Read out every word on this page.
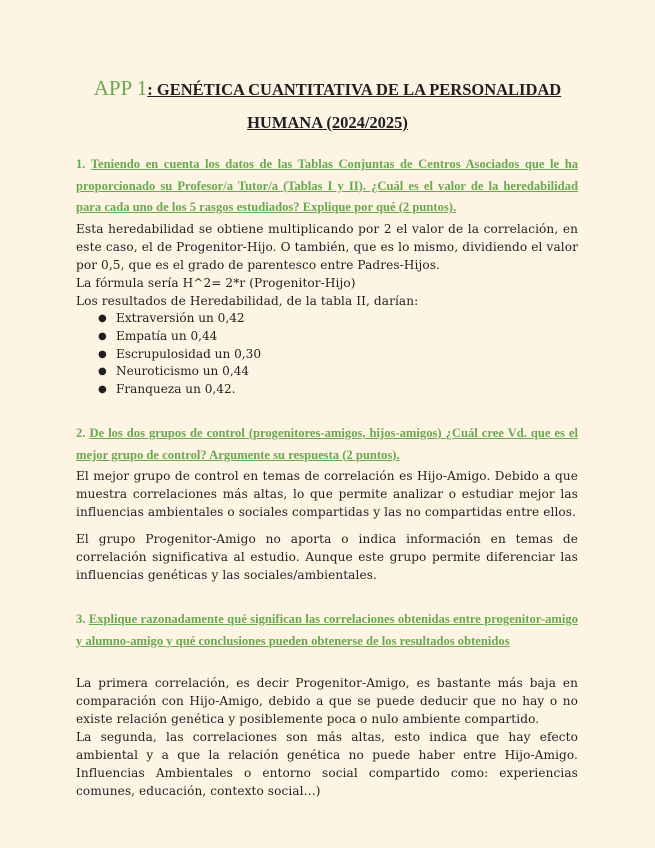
APP 1: GENÉTICA CUANTITATIVA DE LA PERSONALIDAD
HUMANA (2024/2025)
1. Teniendo en cuenta los datos de las Tablas Conjuntas de Centros Asociados que le ha proporcionado su Profesor/a Tutor/a (Tablas I y II). ¿Cuál es el valor de la heredabilidad para cada uno de los 5 rasgos estudiados? Explique por qué (2 puntos).

Esta heredabilidad se obtiene multiplicando por 2 el valor de la correlación, en este caso, el de Progenitor-Hijo. O también, que es lo mismo, dividiendo el valor por 0,5, que es el grado de parentesco entre Padres-Hijos.

La fórmula sería H^2= 2*r (Progenitor-Hijo)

Los resultados de Heredabilidad, de la tabla II, darían:

● Extraversión un 0,42
● Empatía un 0,44
● Escrupulosidad un 0,30
● Neuroticismo un 0,44
● Franqueza un 0,42.
2. De los dos grupos de control (progenitores-amigos, hijos-amigos) ¿Cuál cree Vd. que es el mejor grupo de control? Argumente su respuesta (2 puntos).

El mejor grupo de control en temas de correlación es Hijo-Amigo. Debido a que muestra correlaciones más altas, lo que permite analizar o estudiar mejor las influencias ambientales o sociales compartidas y las no compartidas entre ellos.

El grupo Progenitor-Amigo no aporta o indica información en temas de correlación significativa al estudio. Aunque este grupo permite diferenciar las influencias genéticas y las sociales/ambientales.

3. Explique razonadamente qué significan las correlaciones obtenidas entre progenitor-amigo y alumno-amigo y qué conclusiones pueden obtenerse de los resultados obtenidos

La primera correlación, es decir Progenitor-Amigo, es bastante más baja en comparación con Hijo-Amigo, debido a que se puede deducir que no hay o no existe relación genética y posiblemente poca o nulo ambiente compartido.

La segunda, las correlaciones son más altas, esto indica que hay efecto ambiental y a que la relación genética no puede haber entre Hijo-Amigo. Influencias Ambientales o entorno social compartido como: experiencias comunes, educación, contexto social…)
